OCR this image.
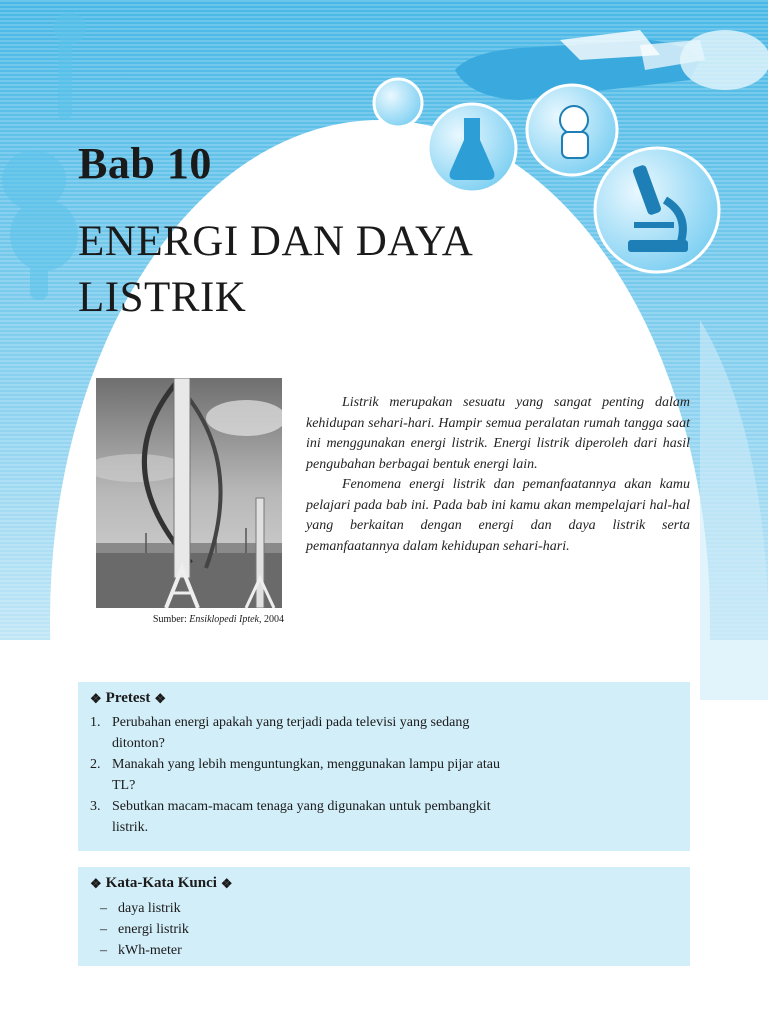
Bab 10
ENERGI DAN DAYA LISTRIK
Sumber: Ensiklopedi Iptek, 2004

Listrik merupakan sesuatu yang sangat penting dalam kehidupan sehari-hari. Hampir semua peralatan rumah tangga saat ini menggunakan energi listrik. Energi listrik diperoleh dari hasil pengubahan berbagai bentuk energi lain.

Fenomena energi listrik dan pemanfaatannya akan kamu pelajari pada bab ini. Pada bab ini kamu akan mempelajari hal-hal yang berkaitan dengan energi dan daya listrik serta pemanfaatannya dalam kehidupan sehari-hari.

❖ Pretest ❖
1. Perubahan energi apakah yang terjadi pada televisi yang sedang ditonton?
2. Manakah yang lebih menguntungkan, menggunakan lampu pijar atau TL?
3. Sebutkan macam-macam tenaga yang digunakan untuk pembangkit listrik.
❖ Kata-Kata Kunci ❖
– daya listrik
– energi listrik
– kWh-meter
